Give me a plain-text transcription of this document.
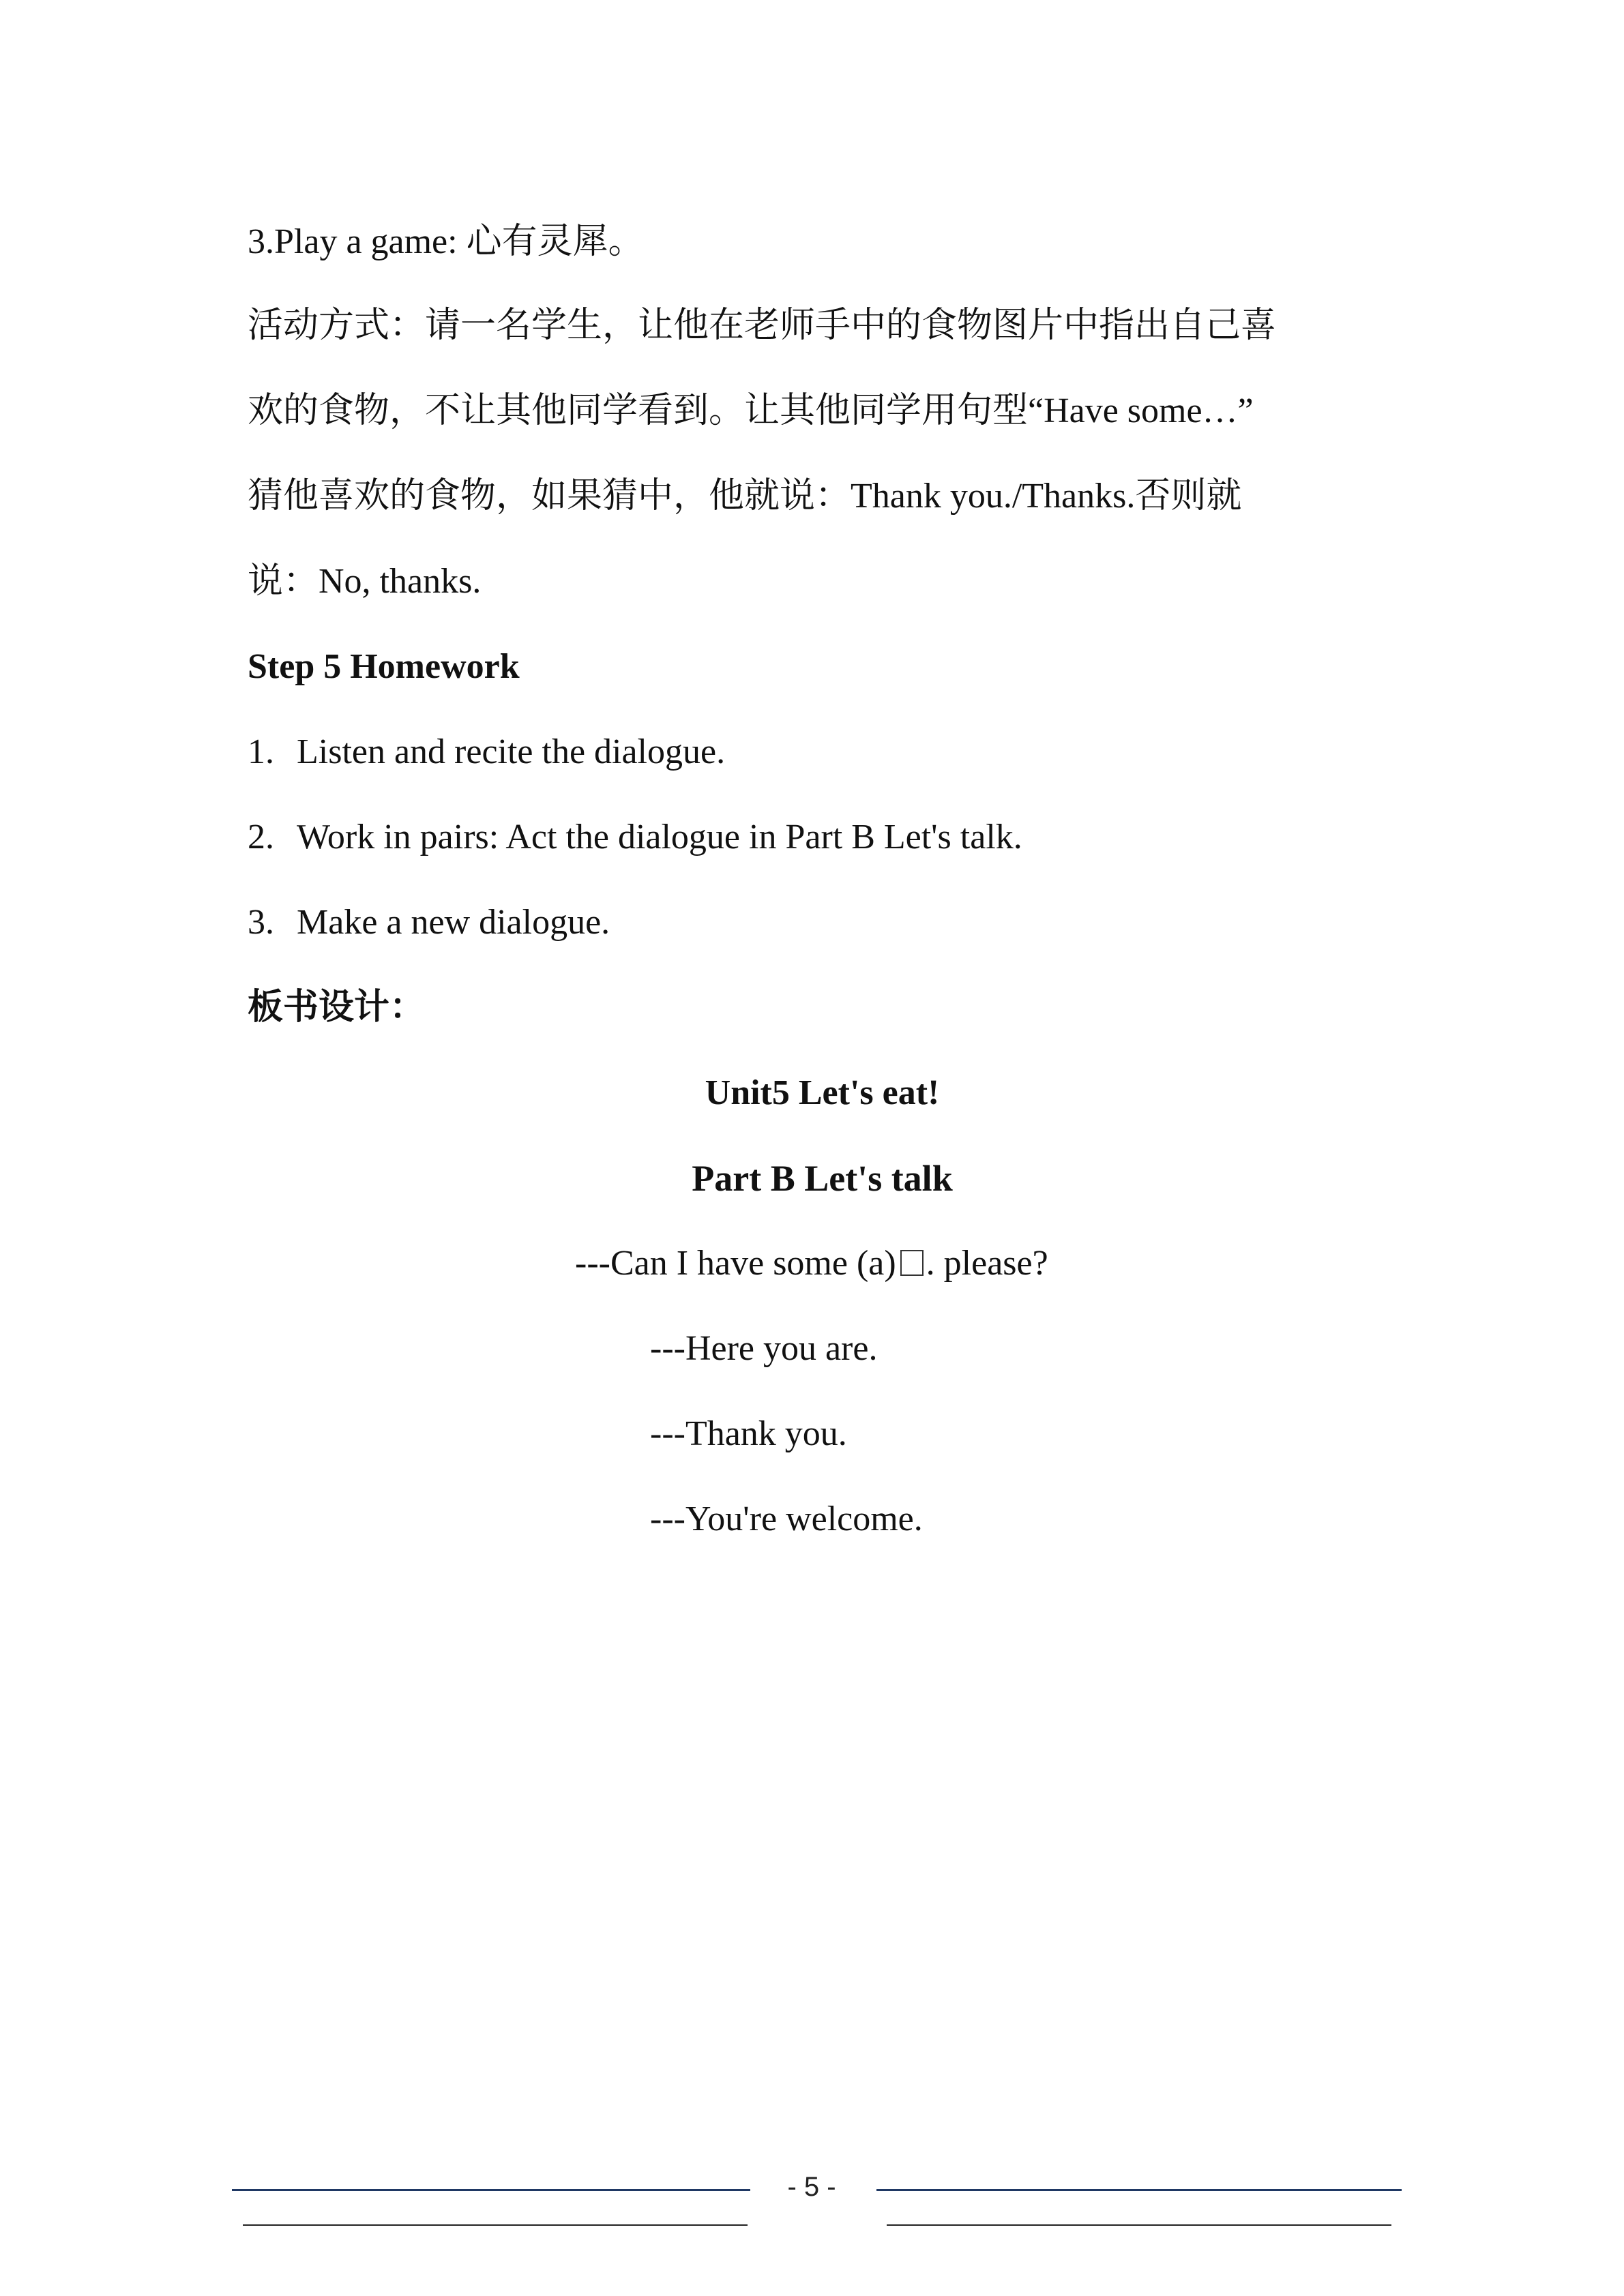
3.Play a game: 心有灵犀。
活动方式：请一名学生，让他在老师手中的食物图片中指出自己喜
欢的食物，不让其他同学看到。让其他同学用句型“Have some…”
猜他喜欢的食物，如果猜中，他就说：Thank you./Thanks.否则就
说：No, thanks.
Step 5 Homework
1. Listen and recite the dialogue.
2. Work in pairs: Act the dialogue in Part B Let's talk.
3. Make a new dialogue.
板书设计：
Unit5 Let's eat!
Part B Let's talk
---Can I have some (a) . please?
---Here you are.
---Thank you.
---You're welcome.
- 5 -
